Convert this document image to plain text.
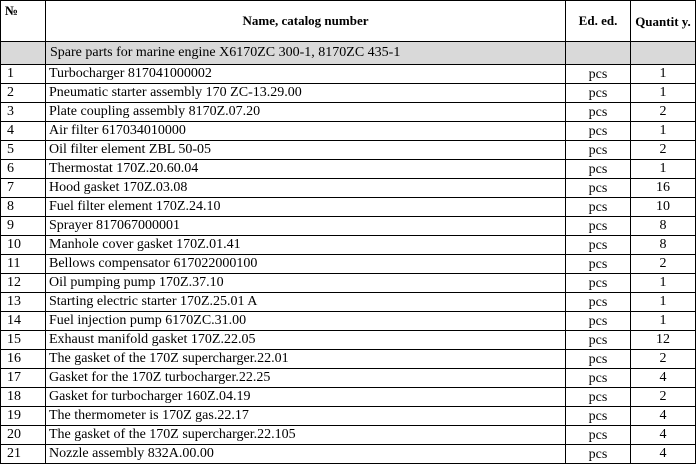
№	Name, catalog number	Ed. ed.	Quantit y.
	Spare parts for marine engine X6170ZC 300-1, 8170ZC 435-1		
1	Turbocharger 817041000002	pcs	1
2	Pneumatic starter assembly 170 ZC-13.29.00	pcs	1
3	Plate coupling assembly 8170Z.07.20	pcs	2
4	Air filter 617034010000	pcs	1
5	Oil filter element ZBL 50-05	pcs	2
6	Thermostat 170Z.20.60.04	pcs	1
7	Hood gasket 170Z.03.08	pcs	16
8	Fuel filter element 170Z.24.10	pcs	10
9	Sprayer 817067000001	pcs	8
10	Manhole cover gasket 170Z.01.41	pcs	8
11	Bellows compensator 617022000100	pcs	2
12	Oil pumping pump 170Z.37.10	pcs	1
13	Starting electric starter 170Z.25.01 A	pcs	1
14	Fuel injection pump 6170ZC.31.00	pcs	1
15	Exhaust manifold gasket 170Z.22.05	pcs	12
16	The gasket of the 170Z supercharger.22.01	pcs	2
17	Gasket for the 170Z turbocharger.22.25	pcs	4
18	Gasket for turbocharger 160Z.04.19	pcs	2
19	The thermometer is 170Z gas.22.17	pcs	4
20	The gasket of the 170Z supercharger.22.105	pcs	4
21	Nozzle assembly 832A.00.00	pcs	4
